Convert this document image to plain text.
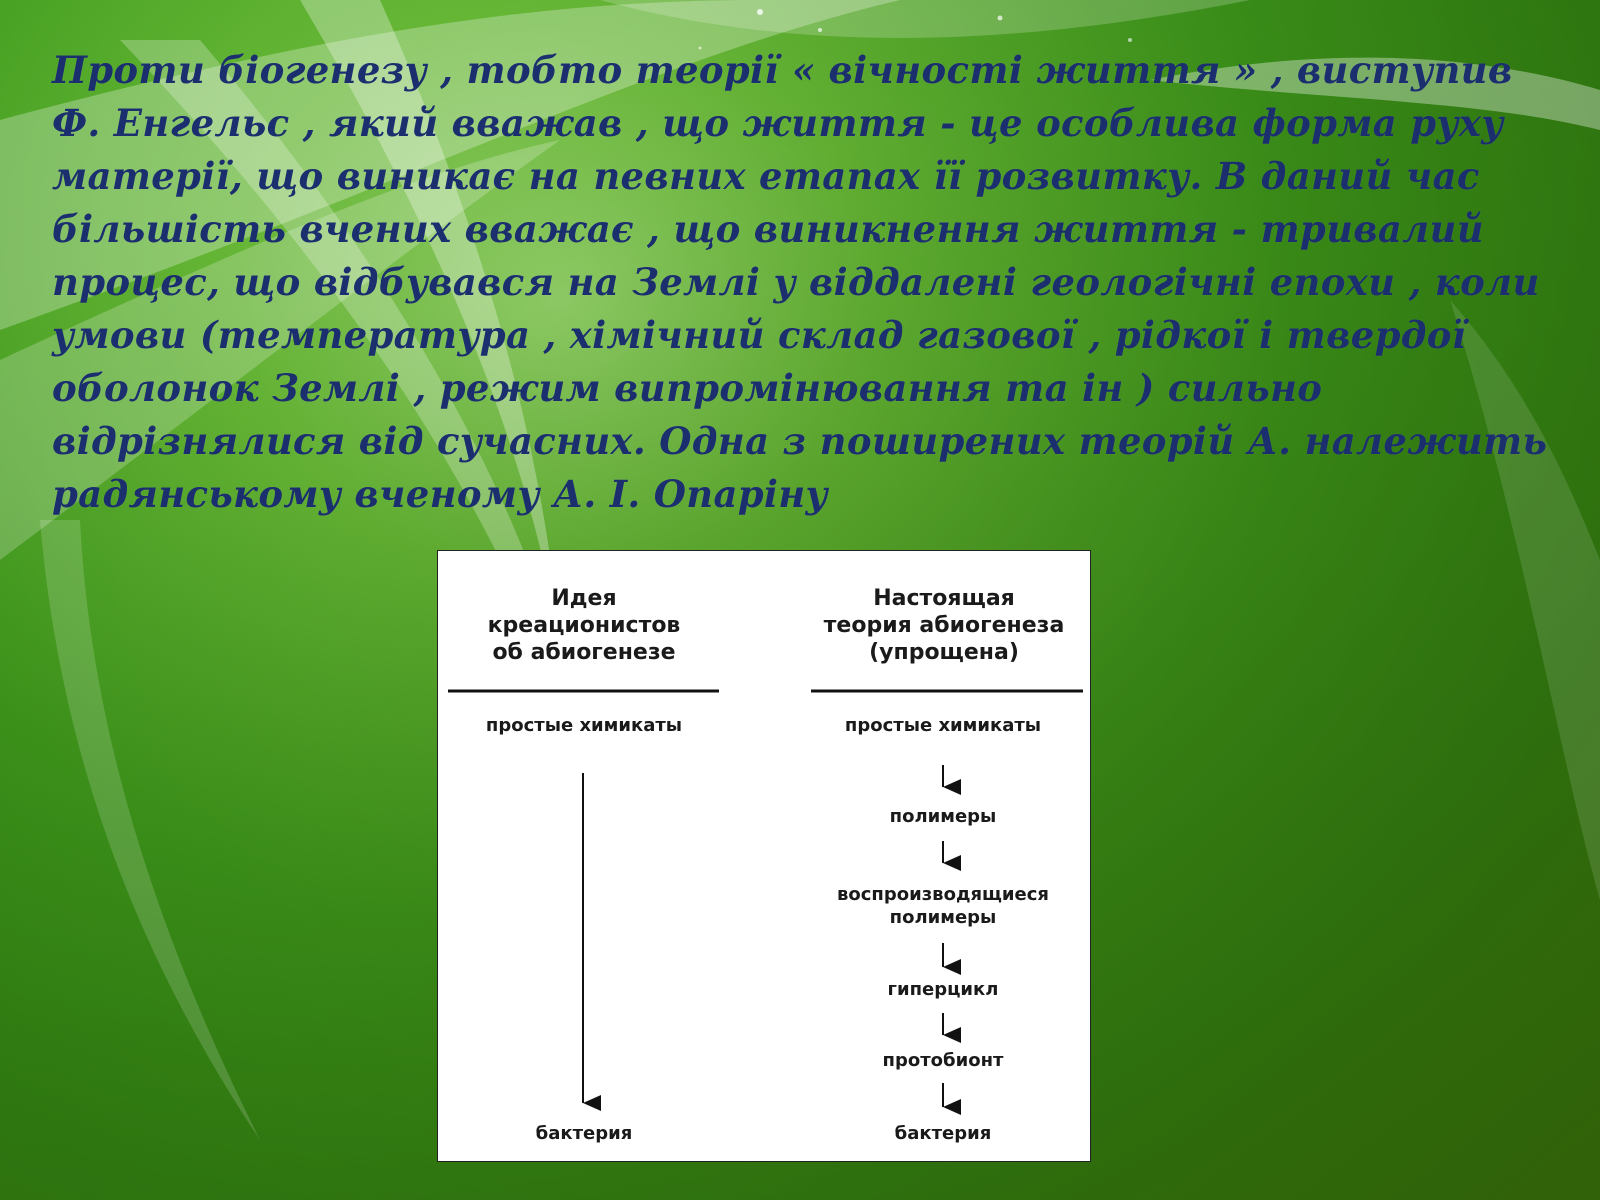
Проти біогенезу , тобто теорії « вічності життя » , виступив Ф. Енгельс , який вважав , що життя - це особлива форма руху матерії, що виникає на певних етапах її розвитку. В даний час більшість вчених вважає , що виникнення життя - тривалий процес, що відбувався на Землі у віддалені геологічні епохи , коли умови (температура , хімічний склад газової , рідкої і твердої оболонок Землі , режим випромінювання та ін ) сильно відрізнялися від сучасних. Одна з поширених теорій А. належить радянському вченому А. І. Опаріну

Идея
креационистов
об абиогенезе
простые химикаты
бактерия
Настоящая
теория абиогенеза
(упрощена)
простые химикаты
полимеры
воспроизводящиеся
полимеры
гиперцикл
протобионт
бактерия
